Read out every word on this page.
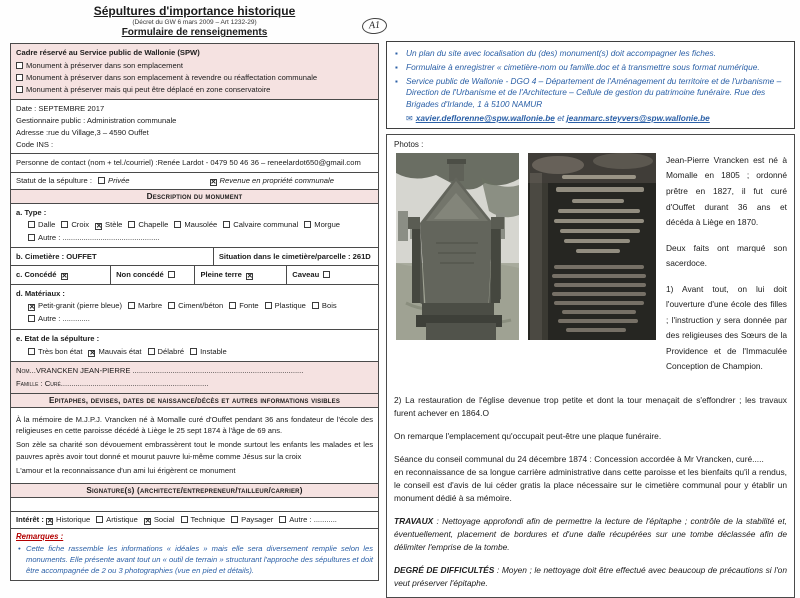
Sépultures d'importance historique
(Décret du GW 6 mars 2009 – Art 1232-29)
Formulaire de renseignements
A1
Cadre réservé au Service public de Wallonie (SPW)
Monument à préserver dans son emplacement
Monument à préserver dans son emplacement à revendre ou réaffectation communale
Monument à préserver mais qui peut être déplacé en zone conservatoire
Date : SEPTEMBRE 2017
Gestionnaire public : Administration communale
Adresse :rue du Village,3 – 4590 Ouffet
Code INS :
Personne de contact (nom + tel./courriel) :Renée Lardot - 0479 50 46 36 – reneelardot650@gmail.com
Statut de la sépulture :	Privée ✕	Revenue en propriété communale
Description du monument
a. Type :
Dalle Croix ✕ Stèle Chapelle Mausolée Calvaire communal MorgueAutre : ..............................................
b. Cimetière : OUFFET	Situation dans le cimetière/parcelle : 261D
c. Concédé ✕	Non concédé	Pleine terre ✕	Caveau
d. Matériaux :
✕Petit-granit (pierre bleue) Marbre Ciment/béton Fonte Plastique BoisAutre : .............
e. Etat de la sépulture :
Très bon état ✕ Mauvais état Délabré Instable
Nom...VRANCKEN JEAN-PIERRE .................................................................................
Famille : Curé......................................................................
Epitaphes, devises, dates de naissance/décès et autres informations visibles

À la mémoire de M.J.P.J. Vrancken né à Momalle curé d'Ouffet pendant 36 ans fondateur de l'école des religieuses en cette paroisse décédé à Liège le 25 sept 1874 à l'âge de 69 ans.

Son zèle sa charité son dévouement embrassèrent tout le monde surtout les enfants les malades et les pauvres après avoir tout donné et mourut pauvre lui-même comme Jésus sur la croix

L'amour et la reconnaissance d'un ami lui érigèrent ce monument

Signature(s) (architecte/entrepreneur/tailleur/carrier)
Intérêt : ✕ Historique Artistique ✕ Social Technique Paysager Autre : ...........
Remarques :
• Cette fiche rassemble les informations « idéales » mais elle sera diversement remplie selon les monuments. Elle présente avant tout un « outil de terrain » structurant l'approche des sépultures et doit être accompagnée de 2 ou 3 photographies (vue en pied et détails).
▪ Un plan du site avec localisation du (des) monument(s) doit accompagner les fiches.
▪ Formulaire à enregistrer « cimetière-nom ou famille.doc et à transmettre sous format numérique.
▪ Service public de Wallonie - DGO 4 – Département de l'Aménagement du territoire et de l'urbanisme – Direction de l'Urbanisme et de l'Architecture – Cellule de gestion du patrimoine funéraire. Rue des Brigades d'Irlande, 1 à 5100 NAMUR
✉ xavier.deflorenne@spw.wallonie.be et jeanmarc.steyvers@spw.wallonie.be
Photos :

Jean-Pierre Vrancken est né à Momalle en 1805 ; ordonné prêtre en 1827, il fut curé d'Ouffet durant 36 ans et décéda à Liège en 1870.

Deux faits ont marqué son sacerdoce.

1) Avant tout, on lui doit l'ouverture d'une école des filles ; l'instruction y sera donnée par des religieuses des Sœurs de la Providence et de l'Immaculée Conception de Champion.

2) La restauration de l'église devenue trop petite et dont la tour menaçait de s'effondrer ; les travaux furent achever en 1864.O

On remarque l'emplacement qu'occupait peut-être une plaque funéraire.

Séance du conseil communal du 24 décembre 1874 : Concession accordée à Mr Vrancken, curé.....

en reconnaissance de sa longue carrière administrative dans cette paroisse et les bienfaits qu'il a rendus, le conseil est d'avis de lui céder gratis la place nécessaire sur le cimetière communal pour y établir un monument dédié à sa mémoire.

TRAVAUX : Nettoyage approfondi afin de permettre la lecture de l'épitaphe ; contrôle de la stabilité et, éventuellement, placement de bordures et d'une dalle récupérées sur une tombe déclassée afin de délimiter l'emprise de la tombe.

DEGRÉ DE DIFFICULTÉS : Moyen ; le nettoyage doit être effectué avec beaucoup de précautions si l'on veut préserver l'épitaphe.
